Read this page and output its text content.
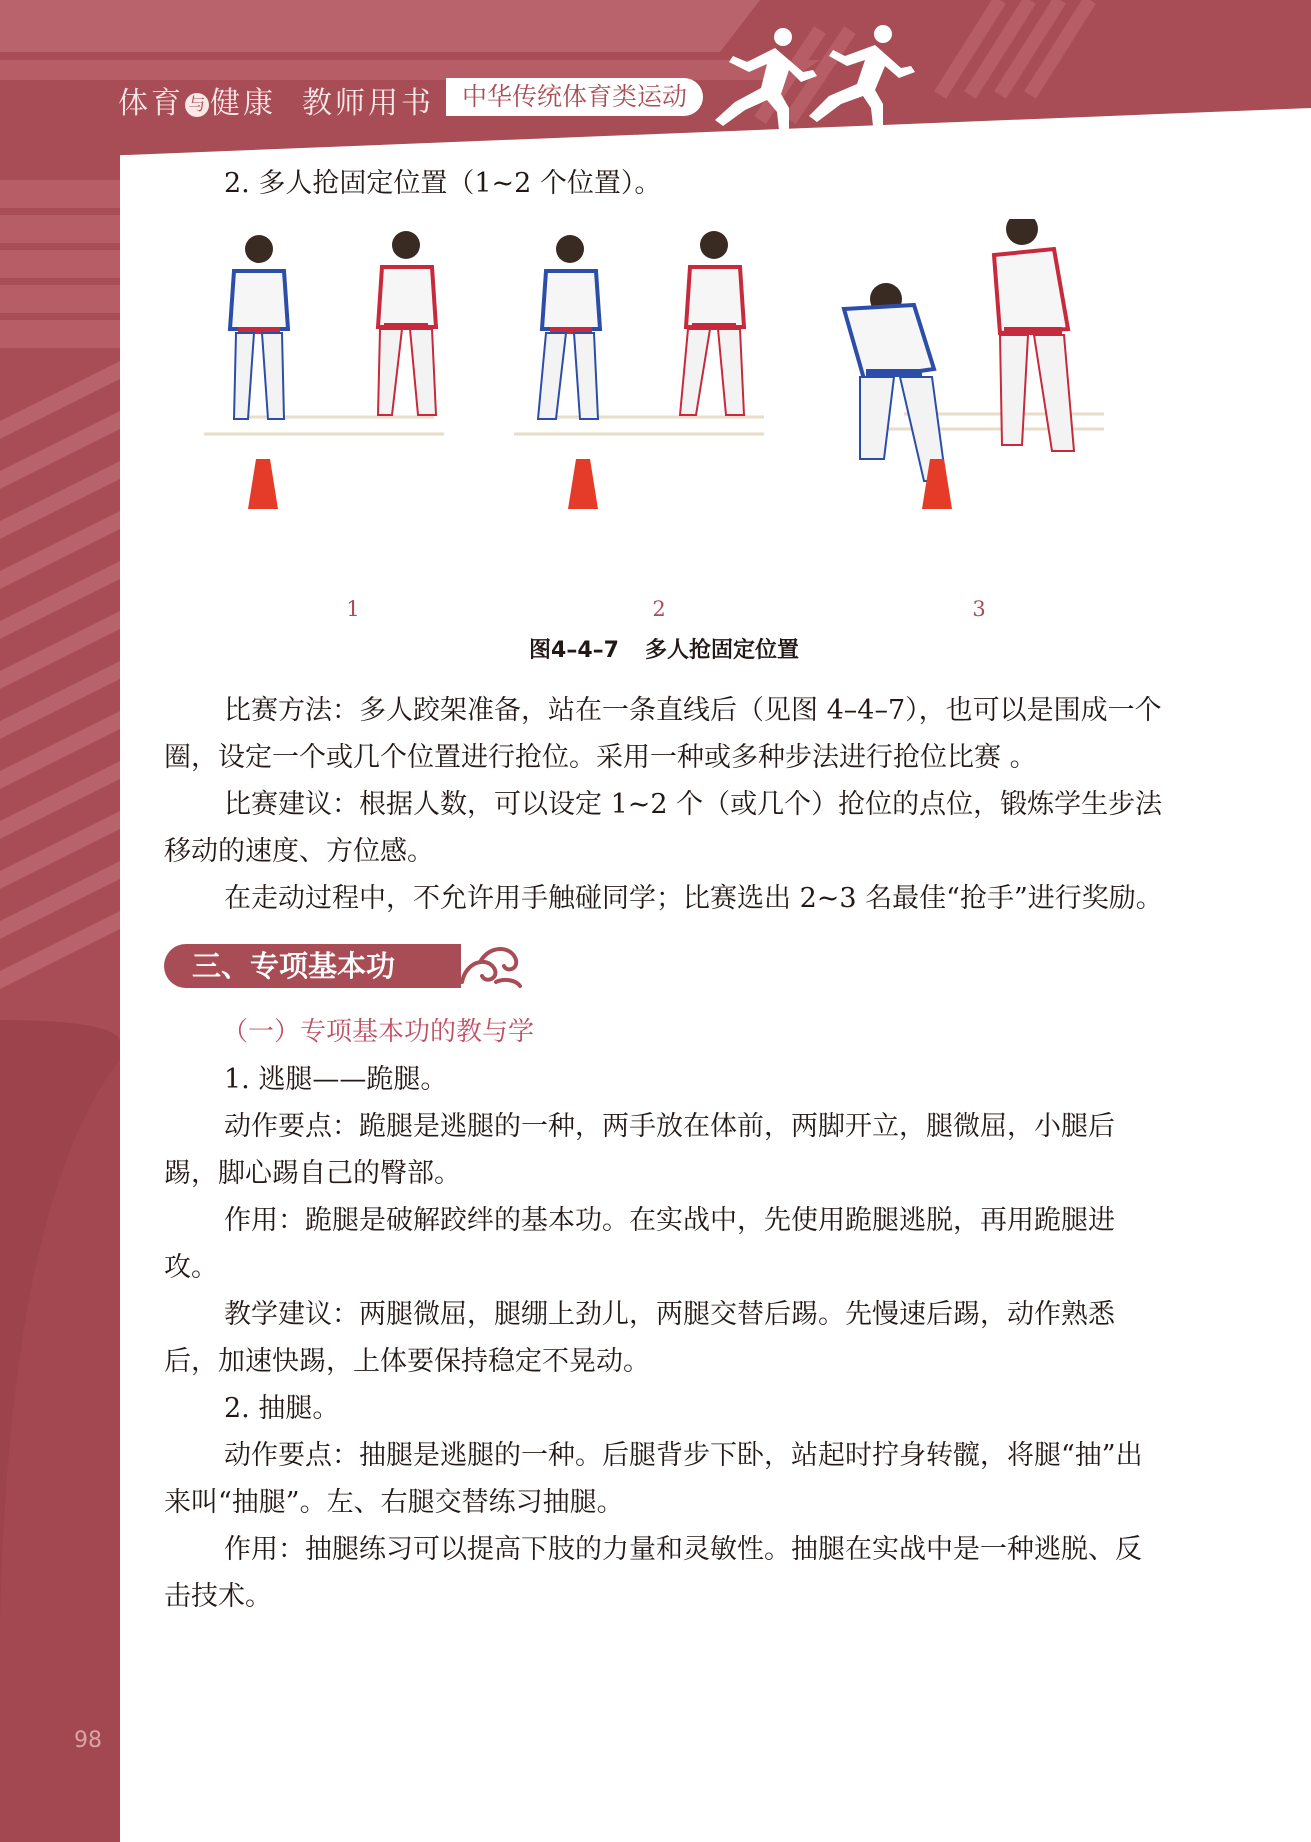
98
体育 与 健康 教师用书	中华传统体育类运动

2. 多人抢固定位置（1~2 个位置）。

1	2	3
图4–4–7 多人抢固定位置

比赛方法：多人跤架准备，站在一条直线后（见图 4–4–7），也可以是围成一个圈，设定一个或几个位置进行抢位。采用一种或多种步法进行抢位比赛 。

比赛建议：根据人数，可以设定 1~2 个（或几个）抢位的点位，锻炼学生步法移动的速度、方位感。

在走动过程中，不允许用手触碰同学；比赛选出 2~3 名最佳“抢手”进行奖励。

三、专项基本功

（一）专项基本功的教与学

1. 逃腿——跪腿。

动作要点：跪腿是逃腿的一种，两手放在体前，两脚开立，腿微屈，小腿后踢，脚心踢自己的臀部。

作用：跪腿是破解跤绊的基本功。在实战中，先使用跪腿逃脱，再用跪腿进攻。

教学建议：两腿微屈，腿绷上劲儿，两腿交替后踢。先慢速后踢，动作熟悉后，加速快踢，上体要保持稳定不晃动。

2. 抽腿。

动作要点：抽腿是逃腿的一种。后腿背步下卧，站起时拧身转髋，将腿“抽”出来叫“抽腿”。左、右腿交替练习抽腿。

作用：抽腿练习可以提高下肢的力量和灵敏性。抽腿在实战中是一种逃脱、反击技术。
